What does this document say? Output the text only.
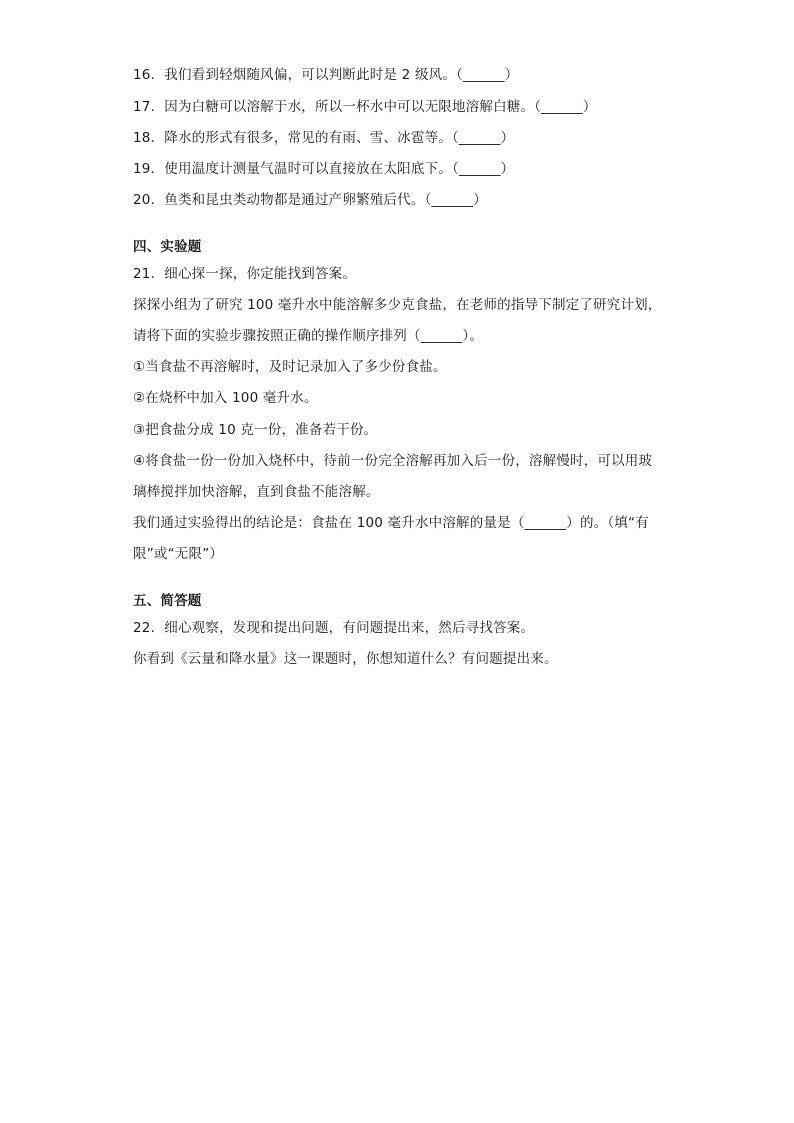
16．我们看到轻烟随风偏，可以判断此时是 2 级风。（______）
17．因为白糖可以溶解于水，所以一杯水中可以无限地溶解白糖。（______）
18．降水的形式有很多，常见的有雨、雪、冰雹等。（______）
19．使用温度计测量气温时可以直接放在太阳底下。（______）
20．鱼类和昆虫类动物都是通过产卵繁殖后代。（______）
四、实验题
21．细心探一探，你定能找到答案。
探探小组为了研究 100 毫升水中能溶解多少克食盐，在老师的指导下制定了研究计划，
请将下面的实验步骤按照正确的操作顺序排列（______）。
①当食盐不再溶解时，及时记录加入了多少份食盐。
②在烧杯中加入 100 毫升水。
③把食盐分成 10 克一份，准备若干份。
④将食盐一份一份加入烧杯中，待前一份完全溶解再加入后一份，溶解慢时，可以用玻
璃棒搅拌加快溶解，直到食盐不能溶解。
我们通过实验得出的结论是：食盐在 100 毫升水中溶解的量是（______）的。（填“有
限”或“无限”）
五、简答题
22．细心观察，发现和提出问题，有问题提出来，然后寻找答案。
你看到《云量和降水量》这一课题时，你想知道什么？有问题提出来。
